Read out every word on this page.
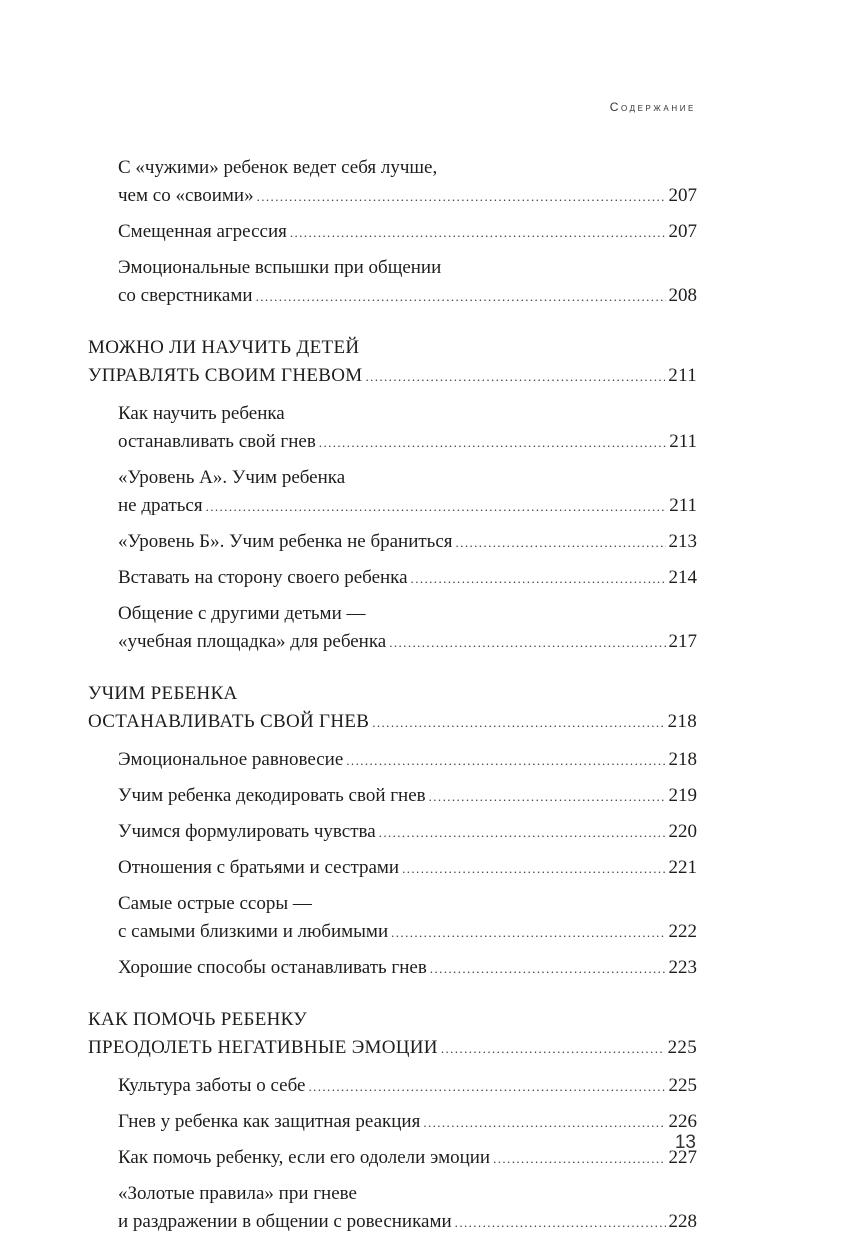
Содержание
С «чужими» ребенок ведет себя лучше,
чем со «своими» .....	207
Смещенная агрессия .....	207
Эмоциональные вспышки при общении
со сверстниками .....	208
МОЖНО ЛИ НАУЧИТЬ ДЕТЕЙ
УПРАВЛЯТЬ СВОИМ ГНЕВОМ .....	211
Как научить ребенка
останавливать свой гнев .....	211
«Уровень А». Учим ребенка
не драться .....	211
«Уровень Б». Учим ребенка не браниться .....	213
Вставать на сторону своего ребенка .....	214
Общение с другими детьми —
«учебная площадка» для ребенка .....	217
УЧИМ РЕБЕНКА
ОСТАНАВЛИВАТЬ СВОЙ ГНЕВ .....	218
Эмоциональное равновесие .....	218
Учим ребенка декодировать свой гнев .....	219
Учимся формулировать чувства .....	220
Отношения с братьями и сестрами .....	221
Самые острые ссоры —
с самыми близкими и любимыми .....	222
Хорошие способы останавливать гнев .....	223
КАК ПОМОЧЬ РЕБЕНКУ
ПРЕОДОЛЕТЬ НЕГАТИВНЫЕ ЭМОЦИИ .....	225
Культура заботы о себе .....	225
Гнев у ребенка как защитная реакция .....	226
Как помочь ребенку, если его одолели эмоции .....	227
«Золотые правила» при гневе
и раздражении в общении с ровесниками .....	228
13
